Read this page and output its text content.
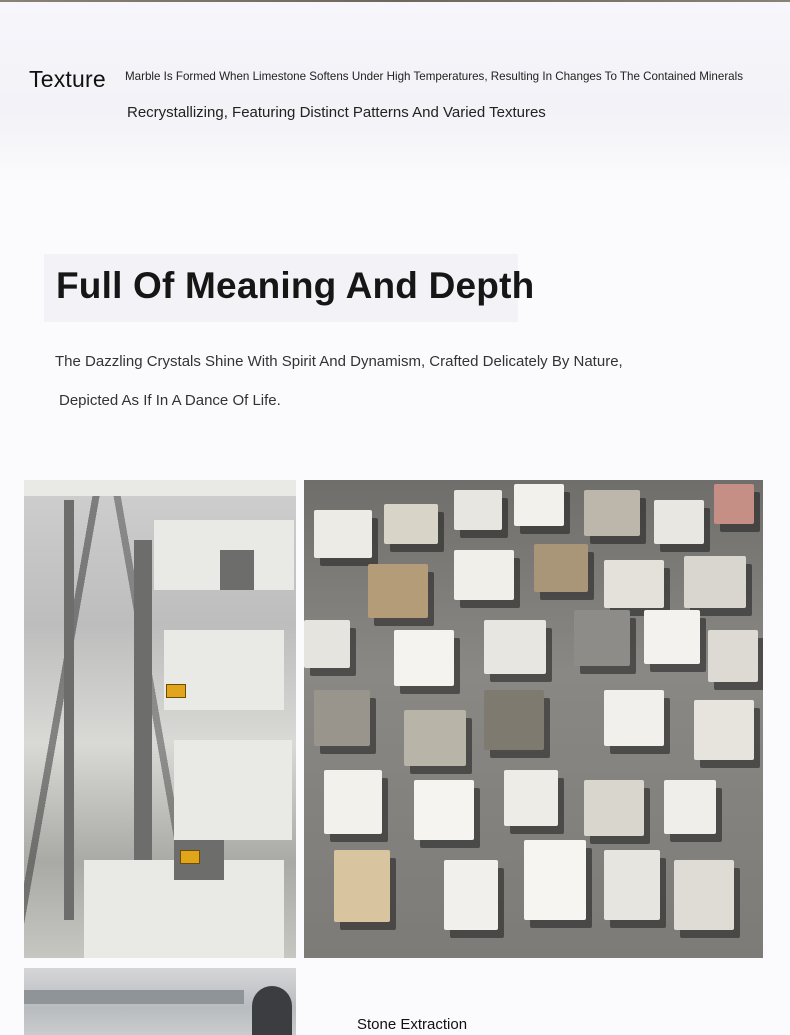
Texture Marble Is Formed When Limestone Softens Under High Temperatures, Resulting In Changes To The Contained Minerals
Recrystallizing, Featuring Distinct Patterns And Varied Textures
Full Of Meaning And Depth
The Dazzling Crystals Shine With Spirit And Dynamism, Crafted Delicately By Nature,
Depicted As If In A Dance Of Life.
Stone Extraction
